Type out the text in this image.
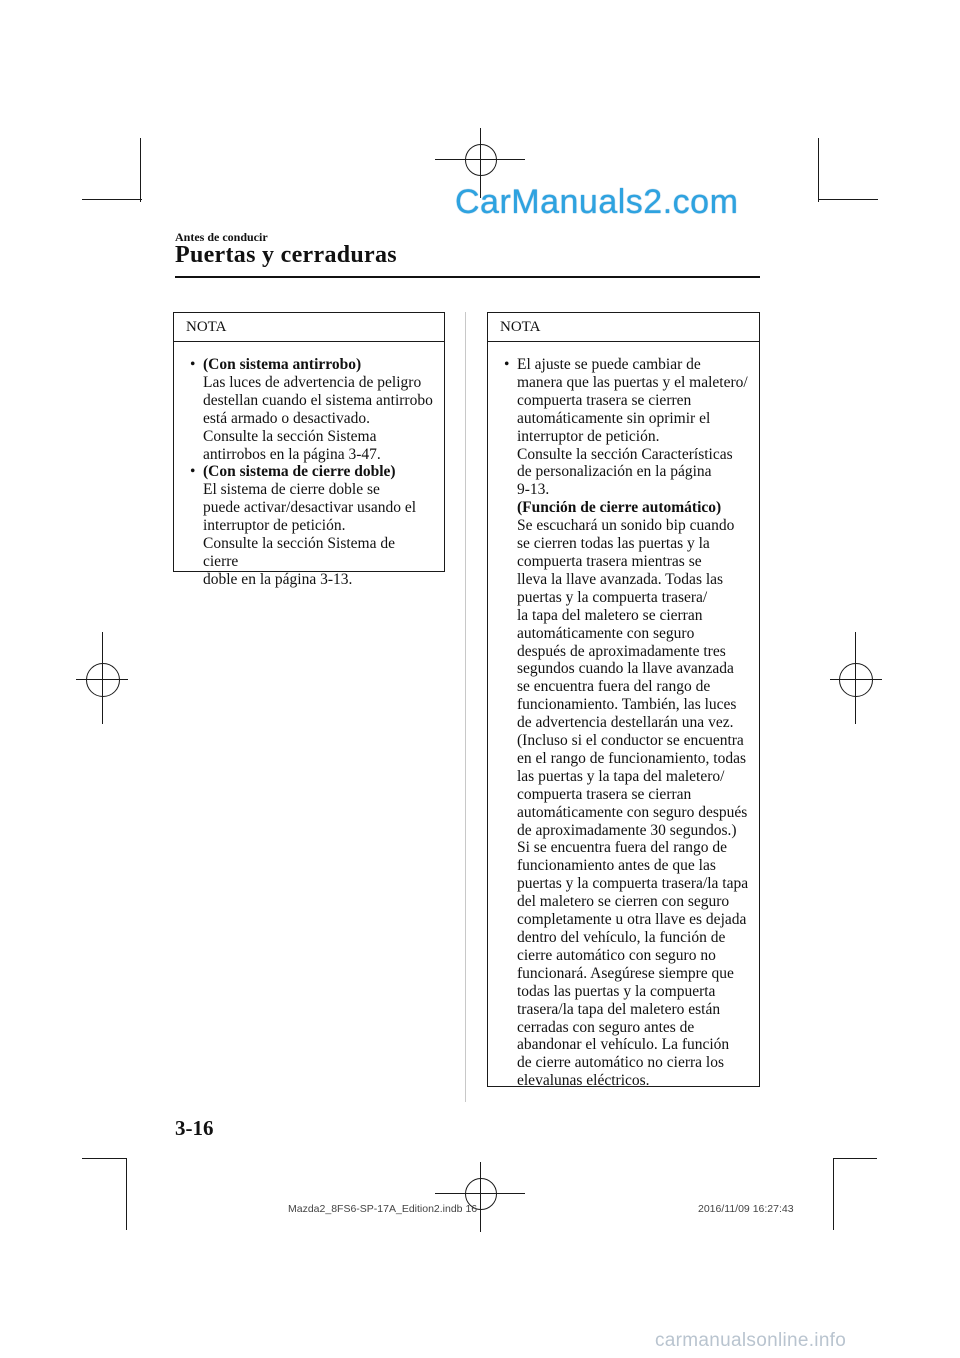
CarManuals2.com
Antes de conducir
Puertas y cerraduras
NOTA
• (Con sistema antirrobo)
Las luces de advertencia de peligro
destellan cuando el sistema antirrobo
está armado o desactivado.
Consulte la sección Sistema
antirrobos en la página 3-47.
• (Con sistema de cierre doble)
El sistema de cierre doble se
puede activar/desactivar usando el
interruptor de petición.
Consulte la sección Sistema de cierre
doble en la página 3-13.
NOTA
• El ajuste se puede cambiar de
manera que las puertas y el maletero/
compuerta trasera se cierren
automáticamente sin oprimir el
interruptor de petición.
Consulte la sección Características
de personalización en la página
9-13.
(Función de cierre automático)
Se escuchará un sonido bip cuando
se cierren todas las puertas y la
compuerta trasera mientras se
lleva la llave avanzada. Todas las
puertas y la compuerta trasera/
la tapa del maletero se cierran
automáticamente con seguro
después de aproximadamente tres
segundos cuando la llave avanzada
se encuentra fuera del rango de
funcionamiento. También, las luces
de advertencia destellarán una vez.
(Incluso si el conductor se encuentra
en el rango de funcionamiento, todas
las puertas y la tapa del maletero/
compuerta trasera se cierran
automáticamente con seguro después
de aproximadamente 30 segundos.)
Si se encuentra fuera del rango de
funcionamiento antes de que las
puertas y la compuerta trasera/la tapa
del maletero se cierren con seguro
completamente u otra llave es dejada
dentro del vehículo, la función de
cierre automático con seguro no
funcionará. Asegúrese siempre que
todas las puertas y la compuerta
trasera/la tapa del maletero están
cerradas con seguro antes de
abandonar el vehículo. La función
de cierre automático no cierra los
elevalunas eléctricos.
3-16
Mazda2_8FS6-SP-17A_Edition2.indb 16	2016/11/09 16:27:43
carmanualsonline.info
